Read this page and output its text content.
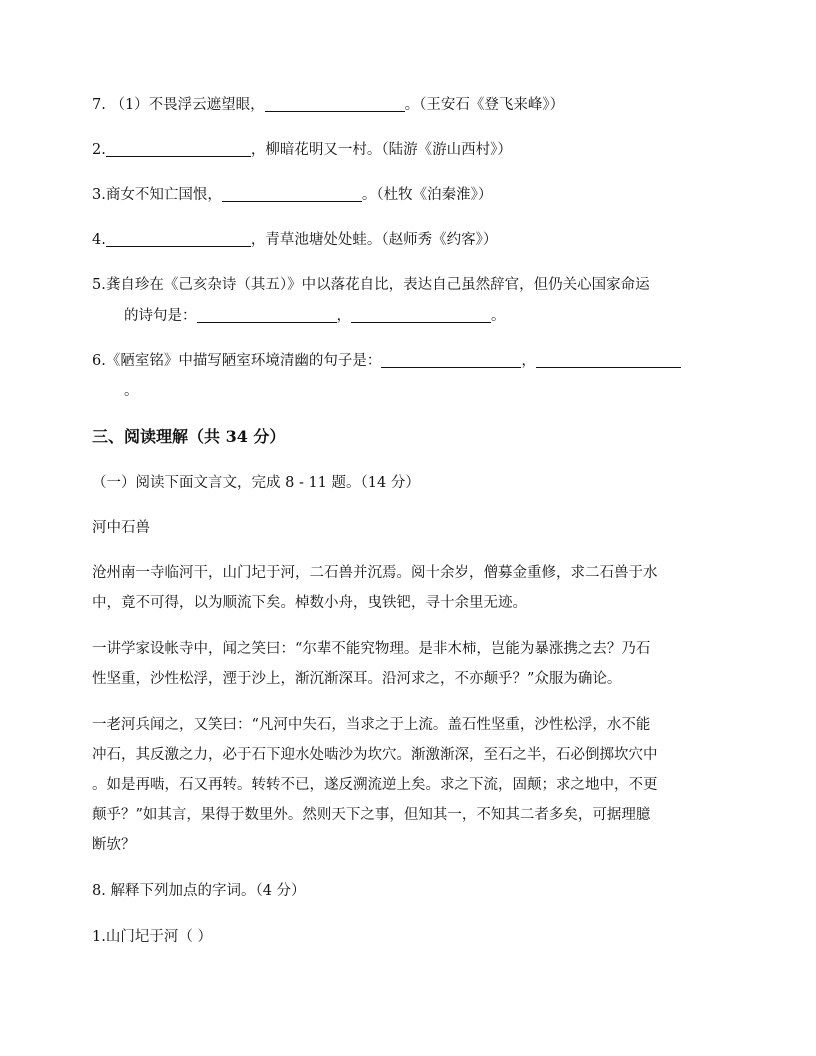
7. （1）不畏浮云遮望眼，	。（王安石《登飞来峰》）
2.	，柳暗花明又一村。（陆游《游山西村》）
3.商女不知亡国恨，	。（杜牧《泊秦淮》）
4.	，青草池塘处处蛙。（赵师秀《约客》）
5.龚自珍在《己亥杂诗（其五）》中以落花自比，表达自己虽然辞官，但仍关心国家命运
的诗句是：	，	。
6.《陋室铭》中描写陋室环境清幽的句子是：	，
。
三、阅读理解（共 34 分）
（一）阅读下面文言文，完成 8 - 11 题。（14 分）
河中石兽
沧州南一寺临河干，山门圮于河，二石兽并沉焉。阅十余岁，僧募金重修，求二石兽于水
中，竟不可得，以为顺流下矣。棹数小舟，曳铁钯，寻十余里无迹。
一讲学家设帐寺中，闻之笑曰：“尔辈不能究物理。是非木柿，岂能为暴涨携之去？乃石
性坚重，沙性松浮，湮于沙上，渐沉渐深耳。沿河求之，不亦颠乎？”众服为确论。
一老河兵闻之，又笑曰：“凡河中失石，当求之于上流。盖石性坚重，沙性松浮，水不能
冲石，其反激之力，必于石下迎水处啮沙为坎穴。渐激渐深，至石之半，石必倒掷坎穴中
。如是再啮，石又再转。转转不已，遂反溯流逆上矣。求之下流，固颠；求之地中，不更
颠乎？”如其言，果得于数里外。然则天下之事，但知其一，不知其二者多矣，可据理臆
断欤？
8. 解释下列加点的字词。（4 分）
1.山门圮于河（ ）
